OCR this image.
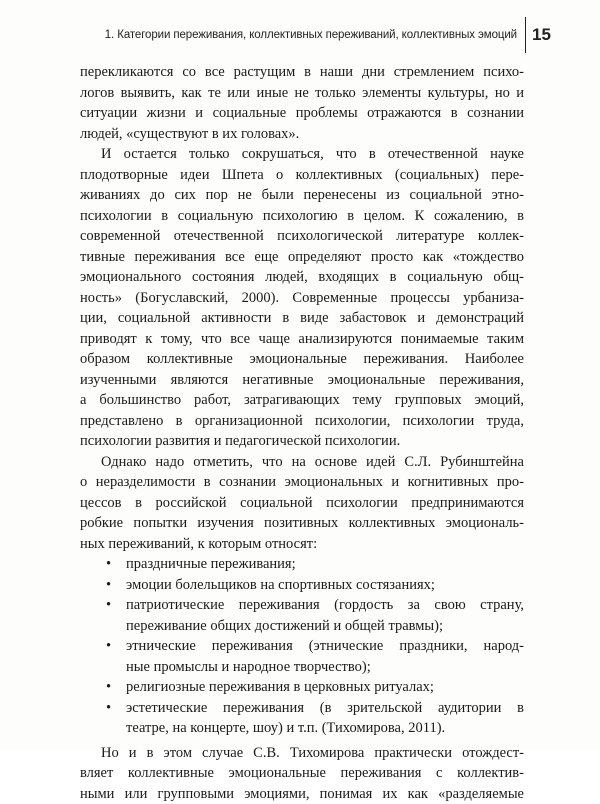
1. Категории переживания, коллективных переживаний, коллективных эмоций 15
перекликаются со все растущим в наши дни стремлением психо-
логов выявить, как те или иные не только элементы культуры, но и
ситуации жизни и социальные проблемы отражаются в сознании
людей, «существуют в их головах».
И остается только сокрушаться, что в отечественной науке
плодотворные идеи Шпета о коллективных (социальных) пере-
живаниях до сих пор не были перенесены из социальной этно-
психологии в социальную психологию в целом. К сожалению, в
современной отечественной психологической литературе коллек-
тивные переживания все еще определяют просто как «тождество
эмоционального состояния людей, входящих в социальную общ-
ность» (Богуславский, 2000). Современные процессы урбаниза-
ции, социальной активности в виде забастовок и демонстраций
приводят к тому, что все чаще анализируются понимаемые таким
образом коллективные эмоциональные переживания. Наиболее
изученными являются негативные эмоциональные переживания,
а большинство работ, затрагивающих тему групповых эмоций,
представлено в организационной психологии, психологии труда,
психологии развития и педагогической психологии.
Однако надо отметить, что на основе идей С.Л. Рубинштейна
о неразделимости в сознании эмоциональных и когнитивных про-
цессов в российской социальной психологии предпринимаются
робкие попытки изучения позитивных коллективных эмоциональ-
ных переживаний, к которым относят:
• праздничные переживания;
• эмоции болельщиков на спортивных состязаниях;
• патриотические переживания (гордость за свою страну,
переживание общих достижений и общей травмы);
• этнические переживания (этнические праздники, народ-
ные промыслы и народное творчество);
• религиозные переживания в церковных ритуалах;
• эстетические переживания (в зрительской аудитории в
театре, на концерте, шоу) и т.п. (Тихомирова, 2011).
Но и в этом случае С.В. Тихомирова практически отождест-
вляет коллективные эмоциональные переживания с коллектив-
ными или групповыми эмоциями, понимая их как «разделяемые
